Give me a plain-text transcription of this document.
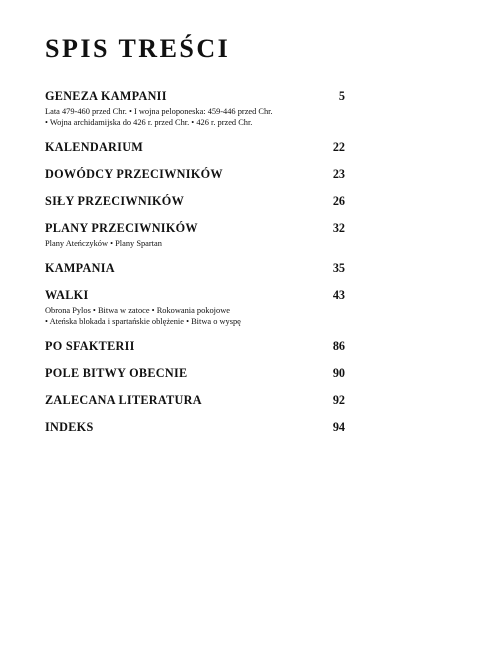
SPIS TREŚCI
GENEZA KAMPANII	5
Lata 479-460 przed Chr. • I wojna peloponeska: 459-446 przed Chr.
• Wojna archidamijska do 426 r. przed Chr. • 426 r. przed Chr.
KALENDARIUM	22
DOWÓDCY PRZECIWNIKÓW	23
SIŁY PRZECIWNIKÓW	26
PLANY PRZECIWNIKÓW	32
Plany Ateńczyków • Plany Spartan
KAMPANIA	35
WALKI	43
Obrona Pylos • Bitwa w zatoce • Rokowania pokojowe
• Ateńska blokada i spartańskie oblężenie • Bitwa o wyspę
PO SFAKTERII	86
POLE BITWY OBECNIE	90
ZALECANA LITERATURA	92
INDEKS	94
